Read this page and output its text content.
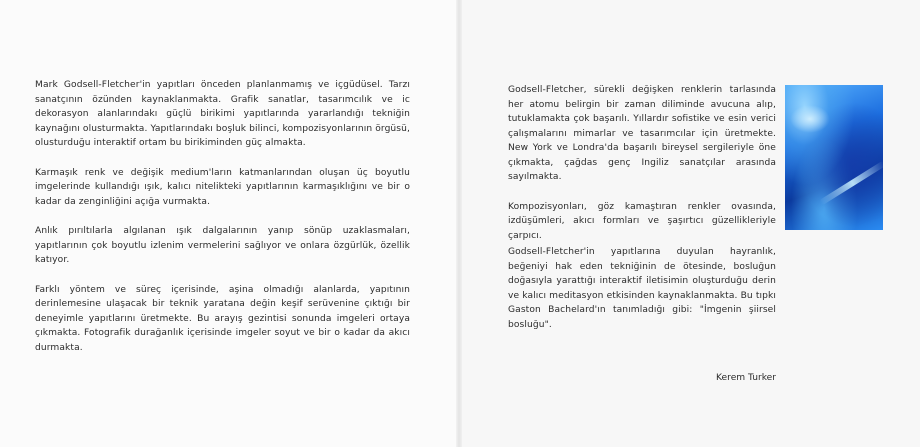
Mark Godsell-Fletcher'in yapıtları önceden planlanmamış ve içgüdüsel. Tarzı sanatçının özünden kaynaklanmakta. Grafik sanatlar, tasarımcılık ve ic dekorasyon alanlarındakı güçlü birikimi yapıtlarında yararlandığı tekniğin kaynağını olusturmakta. Yapıtlarındakı boşluk bilinci, kompozisyonlarının örgüsü, olusturduğu interaktif ortam bu birikiminden güç almakta.

Karmaşık renk ve değişik medium'ların katmanlarından oluşan üç boyutlu imgelerinde kullandığı ışık, kalıcı nitelikteki yapıtlarının karmaşıklığını ve bir o kadar da zenginliğini açığa vurmakta.

Anlık pırıltılarla algılanan ışık dalgalarının yanıp sönüp uzaklasmaları, yapıtlarının çok boyutlu izlenim vermelerini sağlıyor ve onlara özgürlük, özellik katıyor.

Farklı yöntem ve süreç içerisinde, aşina olmadığı alanlarda, yapıtının derinlemesine ulaşacak bir teknik yaratana değin keşif serüvenine çıktığı bir deneyimle yapıtlarını üretmekte. Bu arayış gezintisi sonunda imgeleri ortaya çıkmakta. Fotografik durağanlık içerisinde imgeler soyut ve bir o kadar da akıcı durmakta.

Godsell-Fletcher, sürekli değişken renklerin tarlasında her atomu belirgin bir zaman diliminde avucuna alıp, tutuklamakta çok başarılı. Yıllardır sofistike ve esin verici çalışmalarını mimarlar ve tasarımcılar için üretmekte. New York ve Londra'da başarılı bireysel sergileriyle öne çıkmakta, çağdas genç Ingiliz sanatçılar arasında sayılmakta.

Kompozisyonları, göz kamaştıran renkler ovasında, izdüşümleri, akıcı formları ve şaşırtıcı güzellikleriyle çarpıcı.

Godsell-Fletcher'in yapıtlarına duyulan hayranlık, beğeniyi hak eden tekniğinin de ötesinde, bosluğun doğasıyla yarattığı interaktif iletisimin oluşturduğu derin ve kalıcı meditasyon etkisinden kaynaklanmakta. Bu tıpkı Gaston Bachelard'ın tanımladığı gibi: "İmgenin şiirsel bosluğu".

Kerem Turker
